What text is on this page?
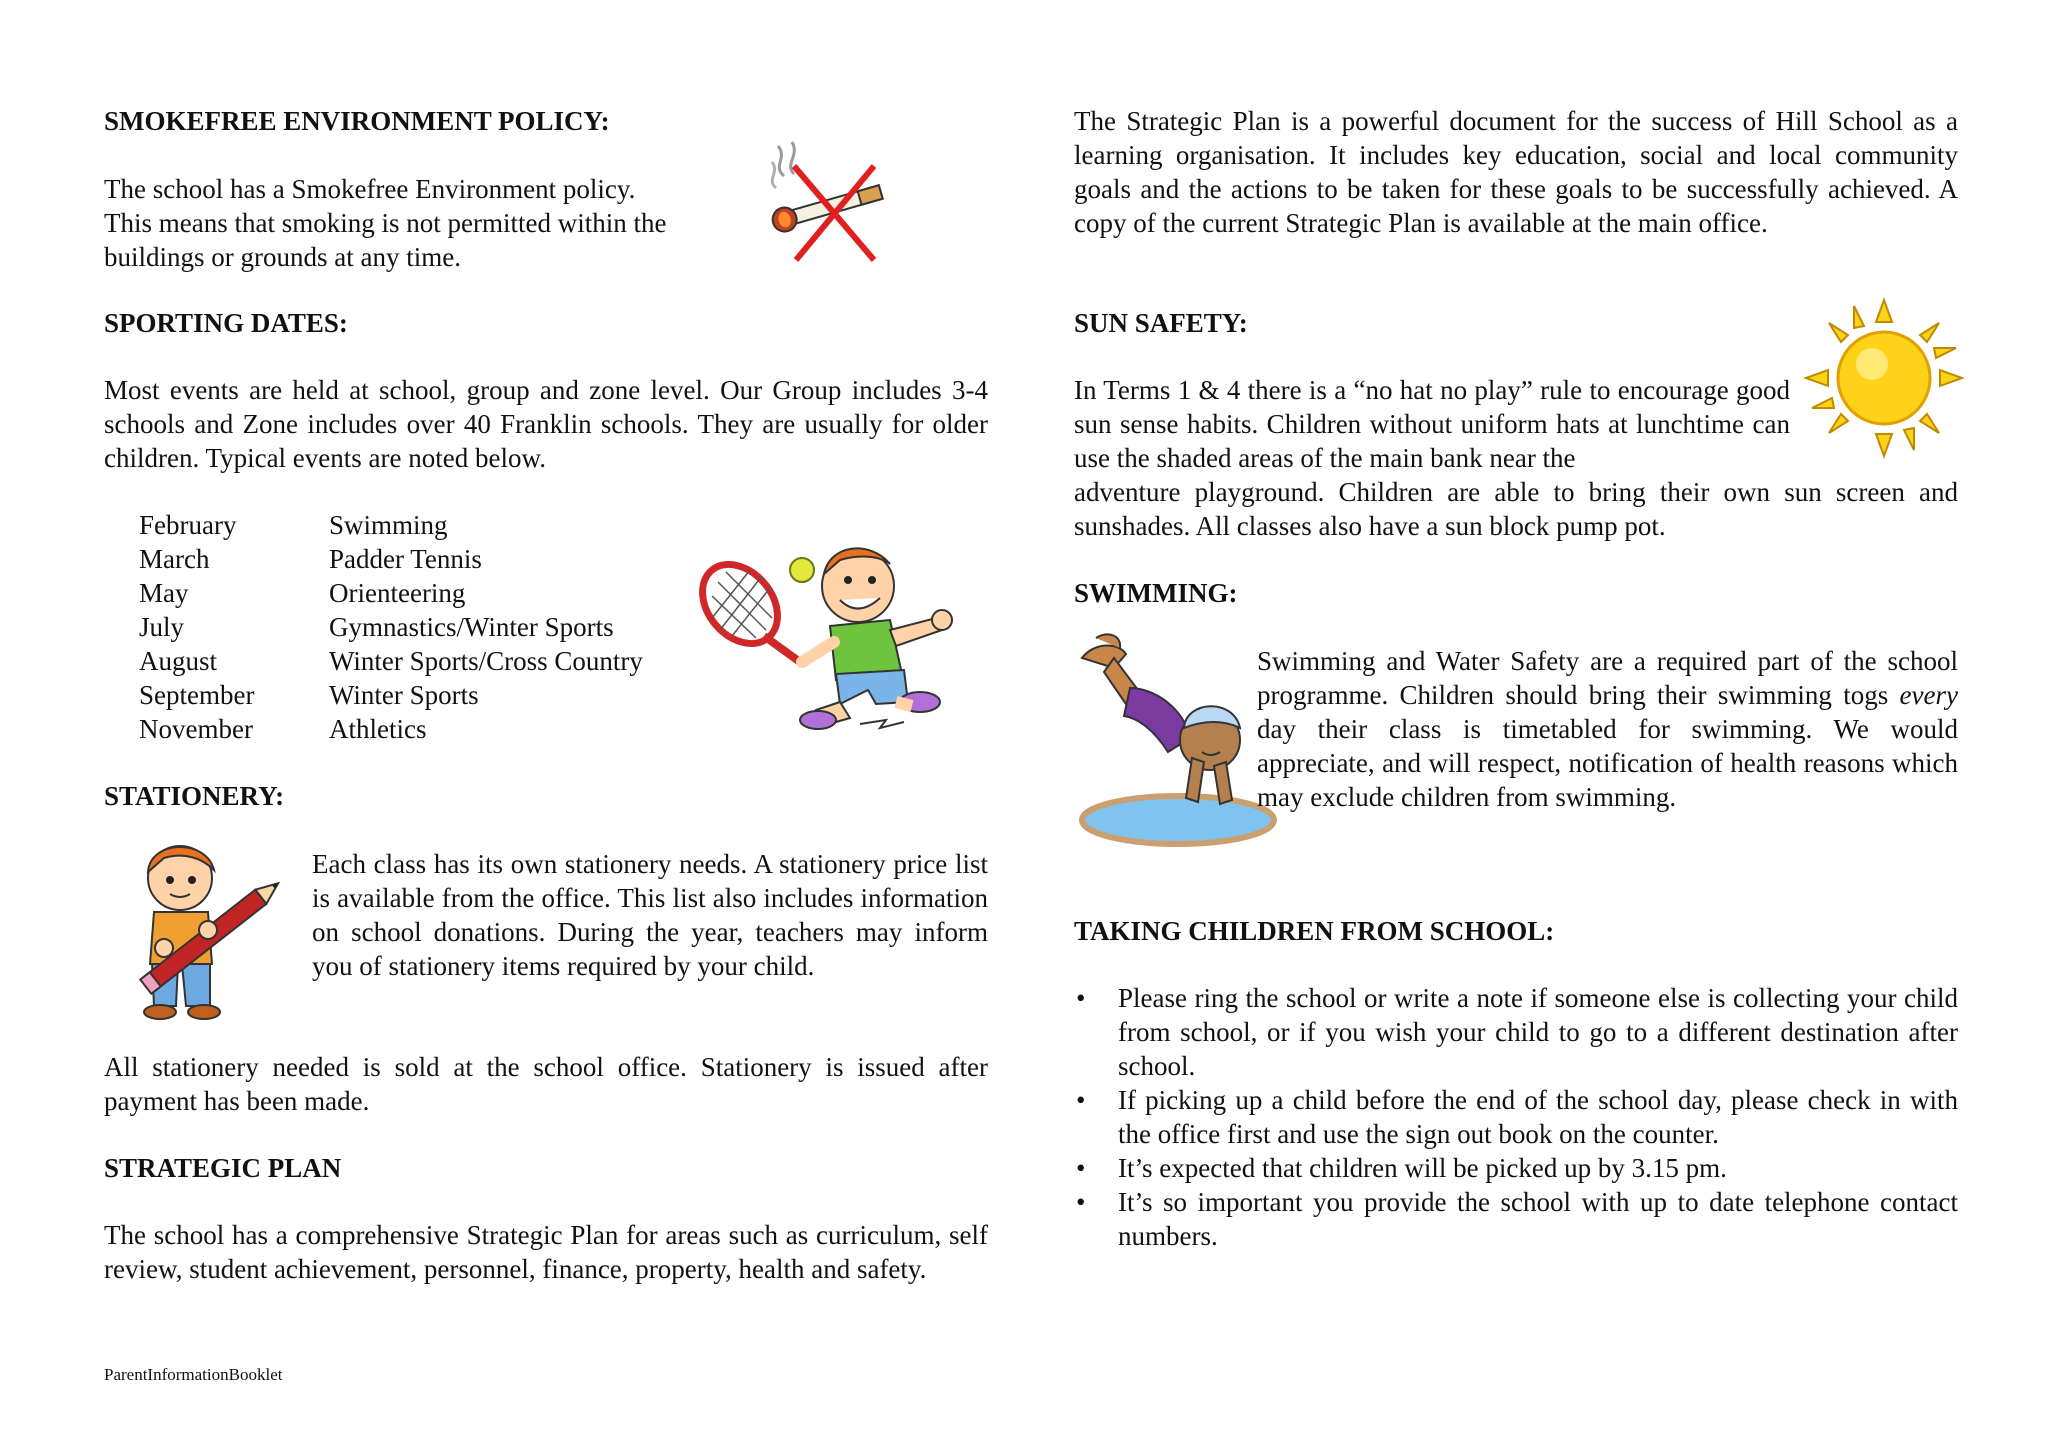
SMOKEFREE ENVIRONMENT POLICY:
The school has a Smokefree Environment policy.
This means that smoking is not permitted within the
buildings or grounds at any time.
SPORTING DATES:

Most events are held at school, group and zone level. Our Group includes 3-4 schools and Zone includes over 40 Franklin schools. They are usually for older children. Typical events are noted below.

February	Swimming
March	Padder Tennis
May	Orienteering
July	Gymnastics/Winter Sports
August	Winter Sports/Cross Country
September	Winter Sports
November	Athletics
STATIONERY:

Each class has its own stationery needs. A stationery price list is available from the office. This list also includes information on school donations. During the year, teachers may inform you of stationery items required by your child.

All stationery needed is sold at the school office. Stationery is issued after payment has been made.

STRATEGIC PLAN

The school has a comprehensive Strategic Plan for areas such as curriculum, self review, student achievement, personnel, finance, property, health and safety.

The Strategic Plan is a powerful document for the success of Hill School as a learning organisation. It includes key education, social and local community goals and the actions to be taken for these goals to be successfully achieved. A copy of the current Strategic Plan is available at the main office.

SUN SAFETY:

In Terms 1 & 4 there is a “no hat no play” rule to encourage good sun sense habits. Children without uniform hats at lunchtime can use the shaded areas of the main bank near the

adventure playground. Children are able to bring their own sun screen and sunshades. All classes also have a sun block pump pot.

SWIMMING:
Swimming and Water Safety are a required part of the school programme. Children should bring their swimming togs every day their class is timetabled for swimming. We would appreciate, and will respect, notification of health reasons which may exclude children from swimming.
TAKING CHILDREN FROM SCHOOL:
• Please ring the school or write a note if someone else is collecting your child from school, or if you wish your child to go to a different destination after school.
• If picking up a child before the end of the school day, please check in with the office first and use the sign out book on the counter.
• It’s expected that children will be picked up by 3.15 pm.
• It’s so important you provide the school with up to date telephone contact numbers.
ParentInformationBooklet
